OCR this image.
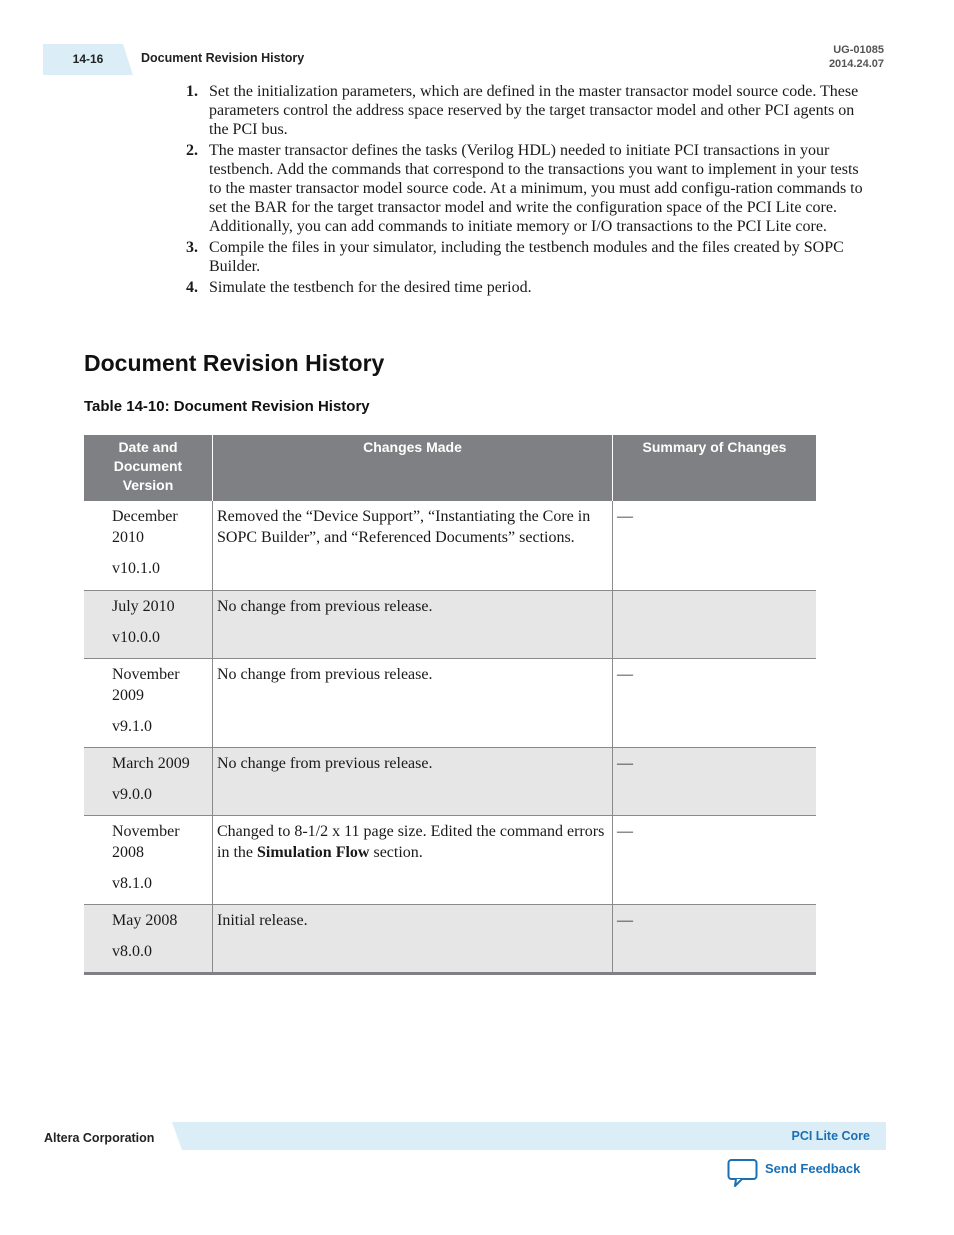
14-16	Document Revision History
UG-01085
2014.24.07
1. Set the initialization parameters, which are defined in the master transactor model source code. These parameters control the address space reserved by the target transactor model and other PCI agents on the PCI bus.
2. The master transactor defines the tasks (Verilog HDL) needed to initiate PCI transactions in your testbench. Add the commands that correspond to the transactions you want to implement in your tests to the master transactor model source code. At a minimum, you must add configu-ration commands to set the BAR for the target transactor model and write the configuration space of the PCI Lite core. Additionally, you can add commands to initiate memory or I/O transactions to the PCI Lite core.
3. Compile the files in your simulator, including the testbench modules and the files created by SOPC Builder.
4. Simulate the testbench for the desired time period.
Document Revision History
Table 14-10: Document Revision History
Date and Document Version	Changes Made	Summary of Changes

December 2010
v10.1.0	Removed the “Device Support”, “Instantiating the Core in SOPC Builder”, and “Referenced Documents” sections.	—

July 2010
v10.0.0	No change from previous release.	

November 2009
v9.1.0	No change from previous release.	—

March 2009
v9.0.0	No change from previous release.	—

November 2008
v8.1.0	Changed to 8-1/2 x 11 page size. Edited the command errors in the Simulation Flow section.	—

May 2008
v8.0.0	Initial release.	—
Altera Corporation	PCI Lite Core
Send Feedback
